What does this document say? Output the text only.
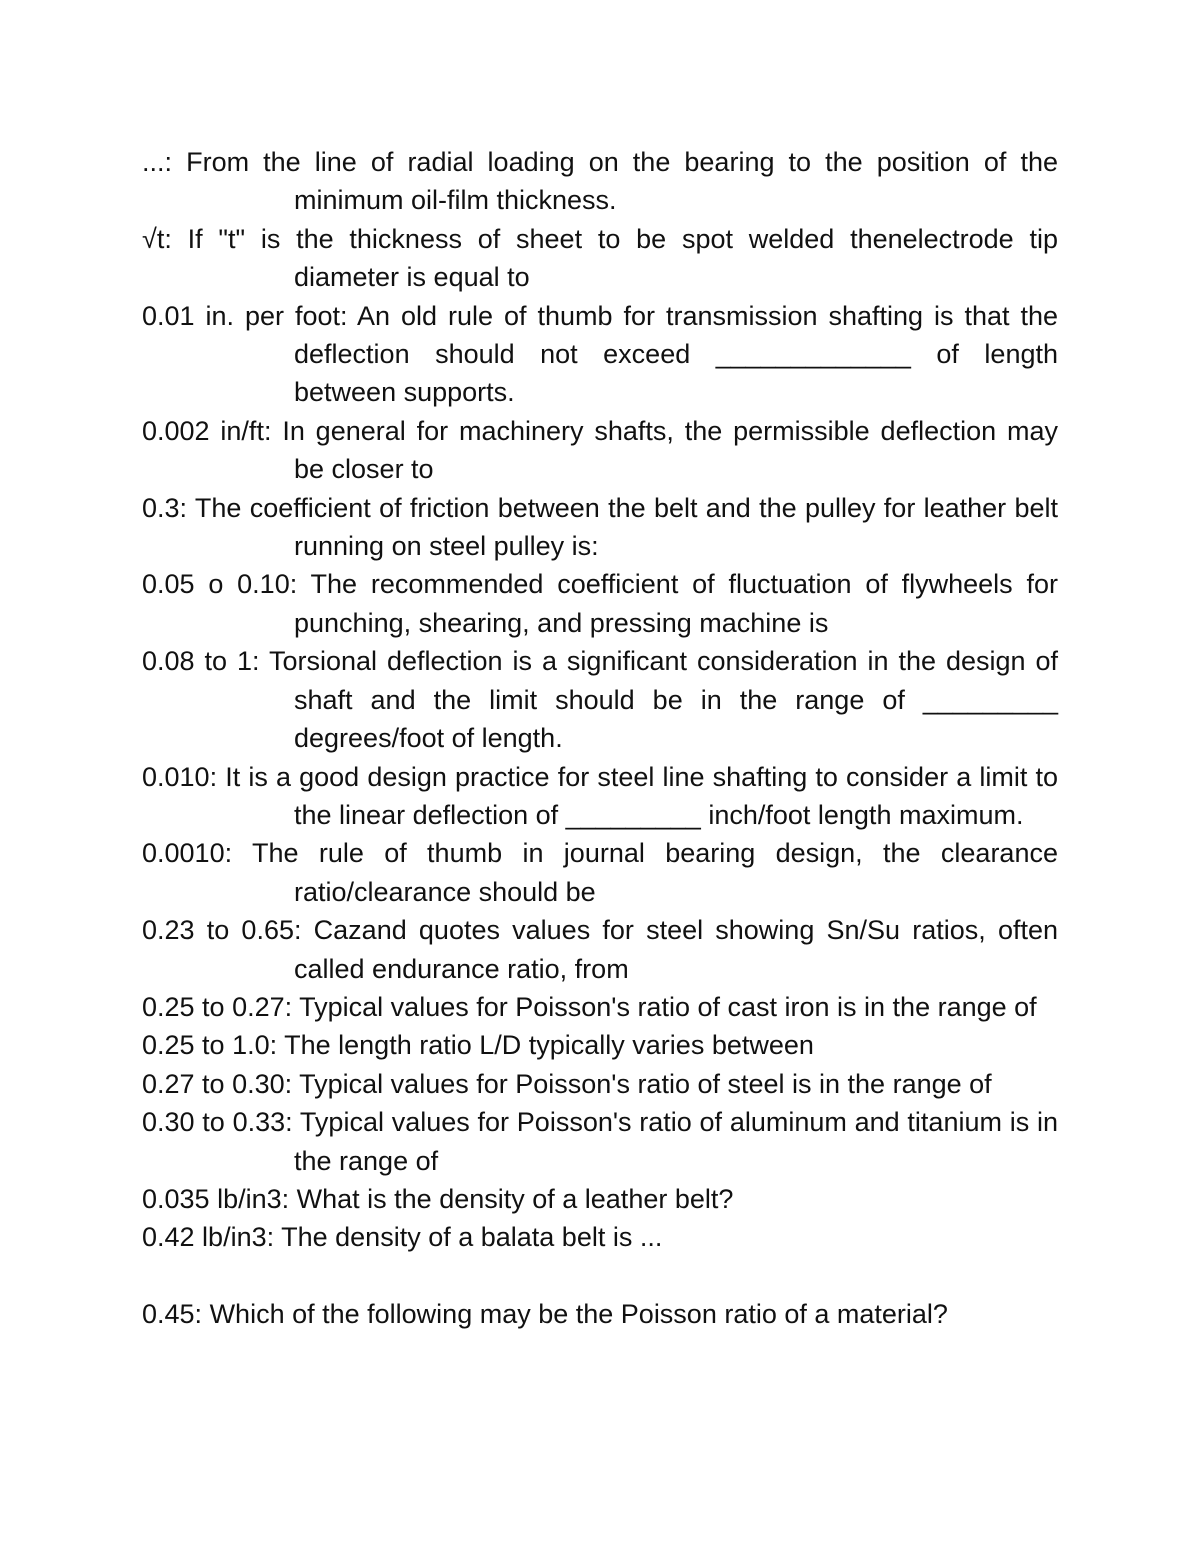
...: From the line of radial loading on the bearing to the position of the minimum oil-film thickness.

√t: If "t" is the thickness of sheet to be spot welded thenelectrode tip diameter is equal to

0.01 in. per foot: An old rule of thumb for transmission shafting is that the deflection should not exceed _____________ of length between supports.

0.002 in/ft: In general for machinery shafts, the permissible deflection may be closer to

0.3: The coefficient of friction between the belt and the pulley for leather belt running on steel pulley is:

0.05 o 0.10: The recommended coefficient of fluctuation of flywheels for punching, shearing, and pressing machine is

0.08 to 1: Torsional deflection is a significant consideration in the design of shaft and the limit should be in the range of _________ degrees/foot of length.

0.010: It is a good design practice for steel line shafting to consider a limit to the linear deflection of _________ inch/foot length maximum.

0.0010: The rule of thumb in journal bearing design, the clearance ratio/clearance should be

0.23 to 0.65: Cazand quotes values for steel showing Sn/Su ratios, often called endurance ratio, from

0.25 to 0.27: Typical values for Poisson's ratio of cast iron is in the range of

0.25 to 1.0: The length ratio L/D typically varies between

0.27 to 0.30: Typical values for Poisson's ratio of steel is in the range of

0.30 to 0.33: Typical values for Poisson's ratio of aluminum and titanium is in the range of

0.035 lb/in3: What is the density of a leather belt?

0.42 lb/in3: The density of a balata belt is ...

0.45: Which of the following may be the Poisson ratio of a material?
